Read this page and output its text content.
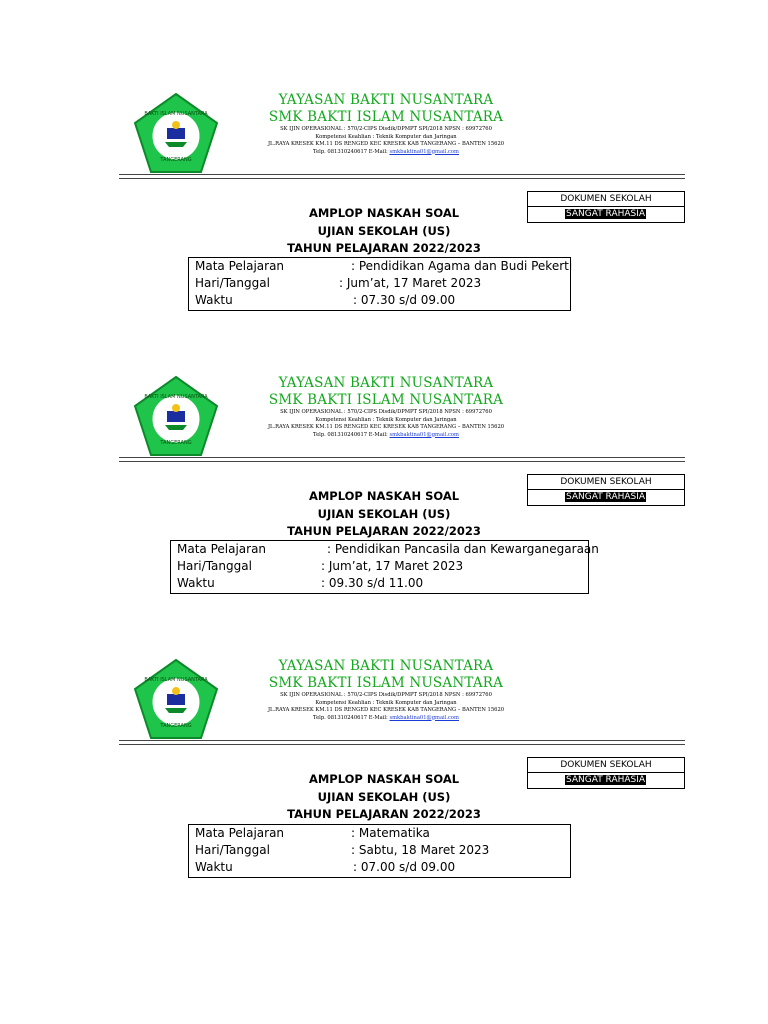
BAKTI ISLAM NUSANTARA
TANGERANG
YAYASAN BAKTI NUSANTARA
SMK BAKTI ISLAM NUSANTARA
SK IJIN OPERASIONAL : 570/2-CIPS Disdik/DPMPT SPI/2018 NPSN : 69972760
Kompetensi Keahlian : Teknik Komputer dan Jaringan
JL.RAYA KRESEK KM.11 DS RENGED KEC KRESEK KAB TANGERANG – BANTEN 15620
Telp. 081310240617 E-Mail: smkbaktina01@gmail.com
DOKUMEN SEKOLAH
SANGAT RAHASIA
AMPLOP NASKAH SOAL
UJIAN SEKOLAH (US)
TAHUN PELAJARAN 2022/2023
Mata Pelajaran	: Pendidikan Agama dan Budi Pekerti
Hari/Tanggal	: Jum’at, 17 Maret 2023
Waktu	: 07.30 s/d 09.00
BAKTI ISLAM NUSANTARA
TANGERANG
YAYASAN BAKTI NUSANTARA
SMK BAKTI ISLAM NUSANTARA
SK IJIN OPERASIONAL : 570/2-CIPS Disdik/DPMPT SPI/2018 NPSN : 69972760
Kompetensi Keahlian : Teknik Komputer dan Jaringan
JL.RAYA KRESEK KM.11 DS RENGED KEC KRESEK KAB TANGERANG – BANTEN 15620
Telp. 081310240617 E-Mail: smkbaktina01@gmail.com
DOKUMEN SEKOLAH
SANGAT RAHASIA
AMPLOP NASKAH SOAL
UJIAN SEKOLAH (US)
TAHUN PELAJARAN 2022/2023
Mata Pelajaran	: Pendidikan Pancasila dan Kewarganegaraan
Hari/Tanggal	: Jum’at, 17 Maret 2023
Waktu	: 09.30 s/d 11.00
BAKTI ISLAM NUSANTARA
TANGERANG
YAYASAN BAKTI NUSANTARA
SMK BAKTI ISLAM NUSANTARA
SK IJIN OPERASIONAL : 570/2-CIPS Disdik/DPMPT SPI/2018 NPSN : 69972760
Kompetensi Keahlian : Teknik Komputer dan Jaringan
JL.RAYA KRESEK KM.11 DS RENGED KEC KRESEK KAB TANGERANG – BANTEN 15620
Telp. 081310240617 E-Mail: smkbaktina01@gmail.com
DOKUMEN SEKOLAH
SANGAT RAHASIA
AMPLOP NASKAH SOAL
UJIAN SEKOLAH (US)
TAHUN PELAJARAN 2022/2023
Mata Pelajaran	: Matematika
Hari/Tanggal	: Sabtu, 18 Maret 2023
Waktu	: 07.00 s/d 09.00
